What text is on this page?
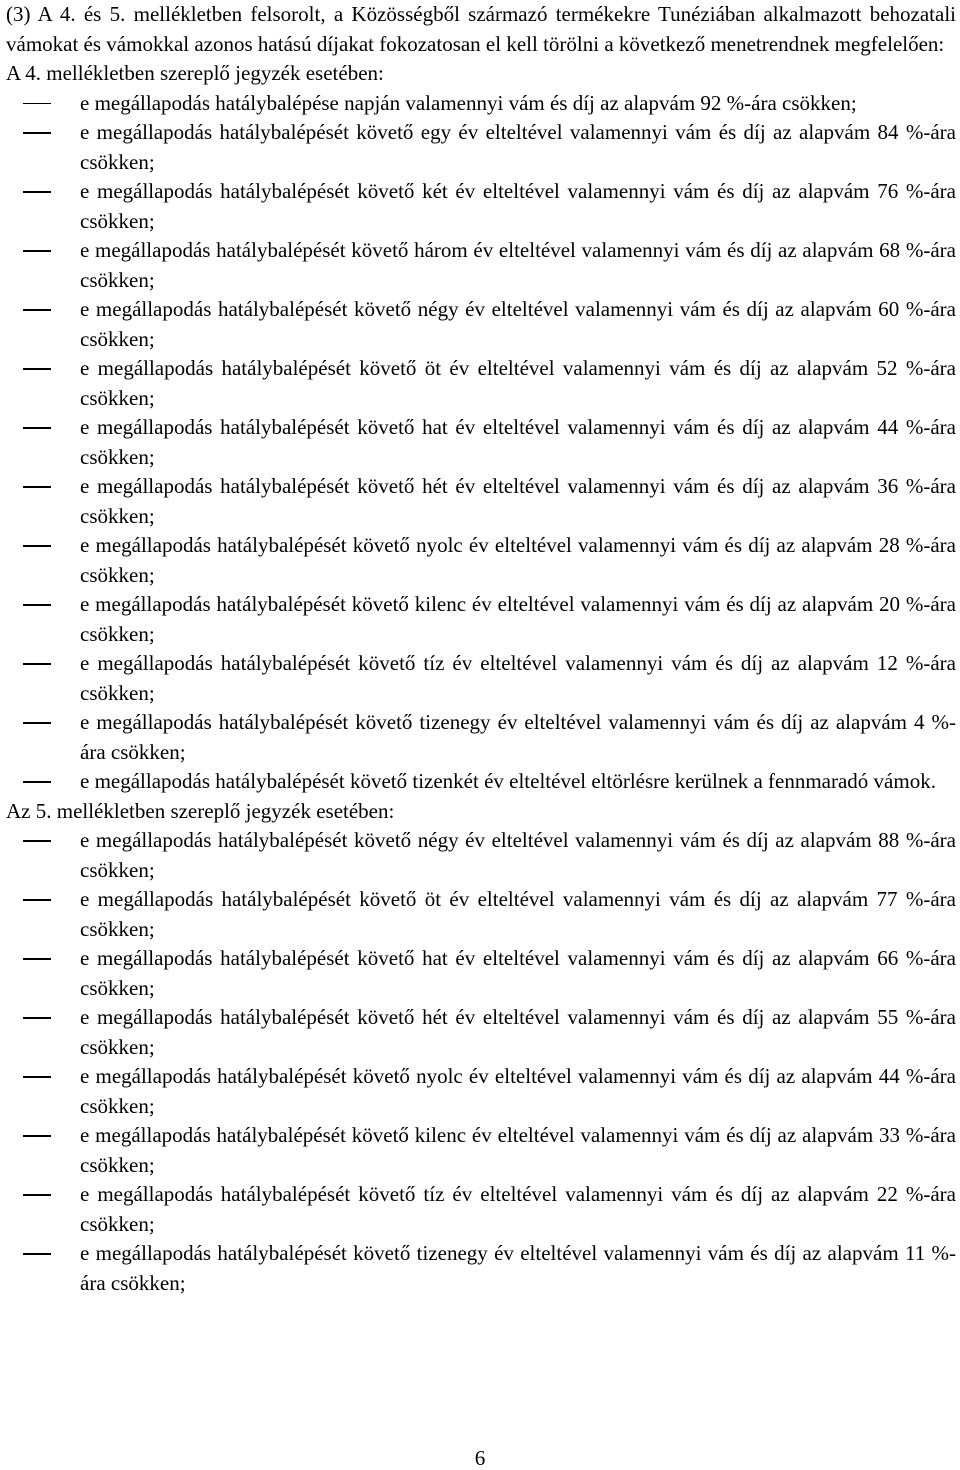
(3) A 4. és 5. mellékletben felsorolt, a Közösségből származó termékekre Tunéziában alkalmazott behozatali vámokat és vámokkal azonos hatású díjakat fokozatosan el kell törölni a következő menetrendnek megfelelően:

A 4. mellékletben szereplő jegyzék esetében:

e megállapodás hatálybalépése napján valamennyi vám és díj az alapvám 92 %-ára csökken;
e megállapodás hatálybalépését követő egy év elteltével valamennyi vám és díj az alapvám 84 %-ára csökken;
e megállapodás hatálybalépését követő két év elteltével valamennyi vám és díj az alapvám 76 %-ára csökken;
e megállapodás hatálybalépését követő három év elteltével valamennyi vám és díj az alapvám 68 %-ára csökken;
e megállapodás hatálybalépését követő négy év elteltével valamennyi vám és díj az alapvám 60 %-ára csökken;
e megállapodás hatálybalépését követő öt év elteltével valamennyi vám és díj az alapvám 52 %-ára csökken;
e megállapodás hatálybalépését követő hat év elteltével valamennyi vám és díj az alapvám 44 %-ára csökken;
e megállapodás hatálybalépését követő hét év elteltével valamennyi vám és díj az alapvám 36 %-ára csökken;
e megállapodás hatálybalépését követő nyolc év elteltével valamennyi vám és díj az alapvám 28 %-ára csökken;
e megállapodás hatálybalépését követő kilenc év elteltével valamennyi vám és díj az alapvám 20 %-ára csökken;
e megállapodás hatálybalépését követő tíz év elteltével valamennyi vám és díj az alapvám 12 %-ára csökken;
e megállapodás hatálybalépését követő tizenegy év elteltével valamennyi vám és díj az alapvám 4 %-ára csökken;
e megállapodás hatálybalépését követő tizenkét év elteltével eltörlésre kerülnek a fennmaradó vámok.

Az 5. mellékletben szereplő jegyzék esetében:

e megállapodás hatálybalépését követő négy év elteltével valamennyi vám és díj az alapvám 88 %-ára csökken;
e megállapodás hatálybalépését követő öt év elteltével valamennyi vám és díj az alapvám 77 %-ára csökken;
e megállapodás hatálybalépését követő hat év elteltével valamennyi vám és díj az alapvám 66 %-ára csökken;
e megállapodás hatálybalépését követő hét év elteltével valamennyi vám és díj az alapvám 55 %-ára csökken;
e megállapodás hatálybalépését követő nyolc év elteltével valamennyi vám és díj az alapvám 44 %-ára csökken;
e megállapodás hatálybalépését követő kilenc év elteltével valamennyi vám és díj az alapvám 33 %-ára csökken;
e megállapodás hatálybalépését követő tíz év elteltével valamennyi vám és díj az alapvám 22 %-ára csökken;
e megállapodás hatálybalépését követő tizenegy év elteltével valamennyi vám és díj az alapvám 11 %-ára csökken;
6
